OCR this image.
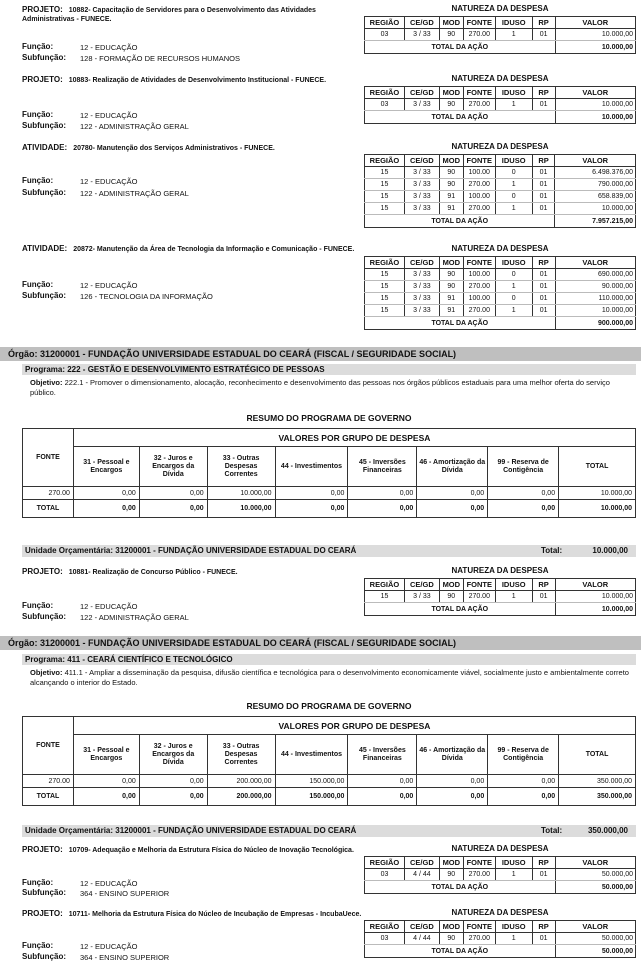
PROJETO: 10882- Capacitação de Servidores para o Desenvolvimento das Atividades Administrativas - FUNECE.
Função:	12 - EDUCAÇÃO
Subfunção: 128 - FORMAÇÃO DE RECURSOS HUMANOS
NATUREZA DA DESPESA
REGIÃO	CE/GD	MOD	FONTE	IDUSO	RP	VALOR
03	3 / 33	90	270.00	1	01	10.000,00
TOTAL DA AÇÃO						10.000,00
PROJETO: 10883- Realização de Atividades de Desenvolvimento Institucional - FUNECE.
Função:	12 - EDUCAÇÃO
Subfunção: 122 - ADMINISTRAÇÃO GERAL
NATUREZA DA DESPESA
REGIÃO	CE/GD	MOD	FONTE	IDUSO	RP	VALOR
03	3 / 33	90	270.00	1	01	10.000,00
TOTAL DA AÇÃO						10.000,00
ATIVIDADE: 20780- Manutenção dos Serviços Administrativos - FUNECE.
Função:	12 - EDUCAÇÃO
Subfunção: 122 - ADMINISTRAÇÃO GERAL
NATUREZA DA DESPESA
REGIÃO	CE/GD	MOD	FONTE	IDUSO	RP	VALOR
15	3 / 33	90	100.00	0	01	6.498.376,00
15	3 / 33	90	270.00	1	01	790.000,00
15	3 / 33	91	100.00	0	01	658.839,00
15	3 / 33	91	270.00	1	01	10.000,00
TOTAL DA AÇÃO						7.957.215,00
ATIVIDADE: 20872- Manutenção da Área de Tecnologia da Informação e Comunicação - FUNECE.
Função:	12 - EDUCAÇÃO
Subfunção: 126 - TECNOLOGIA DA INFORMAÇÃO
NATUREZA DA DESPESA
REGIÃO	CE/GD	MOD	FONTE	IDUSO	RP	VALOR
15	3 / 33	90	100.00	0	01	690.000,00
15	3 / 33	90	270.00	1	01	90.000,00
15	3 / 33	91	100.00	0	01	110.000,00
15	3 / 33	91	270.00	1	01	10.000,00
TOTAL DA AÇÃO						900.000,00
Órgão: 31200001 - FUNDAÇÃO UNIVERSIDADE ESTADUAL DO CEARÁ (FISCAL / SEGURIDADE SOCIAL)
Programa: 222 - GESTÃO E DESENVOLVIMENTO ESTRATÉGICO DE PESSOAS
Objetivo: 222.1 - Promover o dimensionamento, alocação, reconhecimento e desenvolvimento das pessoas nos órgãos públicos estaduais para uma melhor oferta do serviço público.
RESUMO DO PROGRAMA DE GOVERNO
FONTE	VALORES POR GRUPO DE DESPESA							
	31 - Pessoal e Encargos	32 - Juros e Encargos da Dívida	33 - Outras Despesas Correntes	44 - Investimentos	45 - Inversões Financeiras	46 - Amortização da Dívida	99 - Reserva de Contigência	TOTAL
270.00	0,00	0,00	10.000,00	0,00	0,00	0,00	0,00	10.000,00
TOTAL	0,00	0,00	10.000,00	0,00	0,00	0,00	0,00	10.000,00
Unidade Orçamentária: 31200001 - FUNDAÇÃO UNIVERSIDADE ESTADUAL DO CEARÁ	Total:	10.000,00
PROJETO: 10881- Realização de Concurso Público - FUNECE.
Função:	12 - EDUCAÇÃO
Subfunção: 122 - ADMINISTRAÇÃO GERAL
NATUREZA DA DESPESA
REGIÃO	CE/GD	MOD	FONTE	IDUSO	RP	VALOR
15	3 / 33	90	270.00	1	01	10.000,00
TOTAL DA AÇÃO						10.000,00
Órgão: 31200001 - FUNDAÇÃO UNIVERSIDADE ESTADUAL DO CEARÁ (FISCAL / SEGURIDADE SOCIAL)
Programa: 411 - CEARÁ CIENTÍFICO E TECNOLÓGICO
Objetivo: 411.1 - Ampliar a disseminação da pesquisa, difusão científica e tecnológica para o desenvolvimento economicamente viável, socialmente justo e ambientalmente correto alcançando o interior do Estado.
RESUMO DO PROGRAMA DE GOVERNO
FONTE	VALORES POR GRUPO DE DESPESA							
	31 - Pessoal e Encargos	32 - Juros e Encargos da Dívida	33 - Outras Despesas Correntes	44 - Investimentos	45 - Inversões Financeiras	46 - Amortização da Dívida	99 - Reserva de Contigência	TOTAL
270.00	0,00	0,00	200.000,00	150.000,00	0,00	0,00	0,00	350.000,00
TOTAL	0,00	0,00	200.000,00	150.000,00	0,00	0,00	0,00	350.000,00
Unidade Orçamentária: 31200001 - FUNDAÇÃO UNIVERSIDADE ESTADUAL DO CEARÁ	Total:	350.000,00
PROJETO: 10709- Adequação e Melhoria da Estrutura Física do Núcleo de Inovação Tecnológica.
Função:	12 - EDUCAÇÃO
Subfunção: 364 - ENSINO SUPERIOR
NATUREZA DA DESPESA
REGIÃO	CE/GD	MOD	FONTE	IDUSO	RP	VALOR
03	4 / 44	90	270.00	1	01	50.000,00
TOTAL DA AÇÃO						50.000,00
PROJETO: 10711- Melhoria da Estrutura Física do Núcleo de Incubação de Empresas - IncubaUece.
Função:	12 - EDUCAÇÃO
Subfunção: 364 - ENSINO SUPERIOR
NATUREZA DA DESPESA
REGIÃO	CE/GD	MOD	FONTE	IDUSO	RP	VALOR
03	4 / 44	90	270.00	1	01	50.000,00
TOTAL DA AÇÃO						50.000,00
